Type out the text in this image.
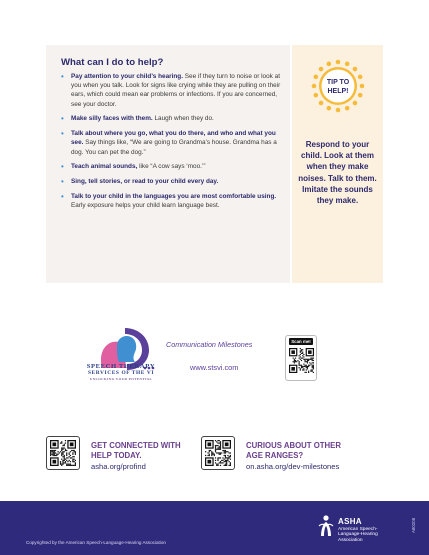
What can I do to help?
• Pay attention to your child’s hearing. See if they turn to noise or look at you when you talk. Look for signs like crying while they are pulling on their ears, which could mean ear problems or infections. If you are concerned, see your doctor.
• Make silly faces with them. Laugh when they do.
• Talk about where you go, what you do there, and who and what you see. Say things like, “We are going to Grandma’s house. Grandma has a dog. You can pet the dog.”
• Teach animal sounds, like “A cow says ‘moo.’”
• Sing, tell stories, or read to your child every day.
• Talk to your child in the languages you are most comfortable using. Early exposure helps your child learn language best.
TIP TO
HELP!
Respond to your child. Look at them when they make noises. Talk to them. Imitate the sounds they make.
SPEECH THERAPY
SERVICES OF THE VI
UNLOCKING YOUR POTENTIAL
Communication Milestones
www.stsvi.com
Scan me!
GET CONNECTED WITH HELP TODAY.
asha.org/profind
CURIOUS ABOUT OTHER AGE RANGES?
on.asha.org/dev-milestones
Copyrighted by the American Speech-Language-Hearing Association
ASHA
American Speech-Language-Hearing Association
A80208
